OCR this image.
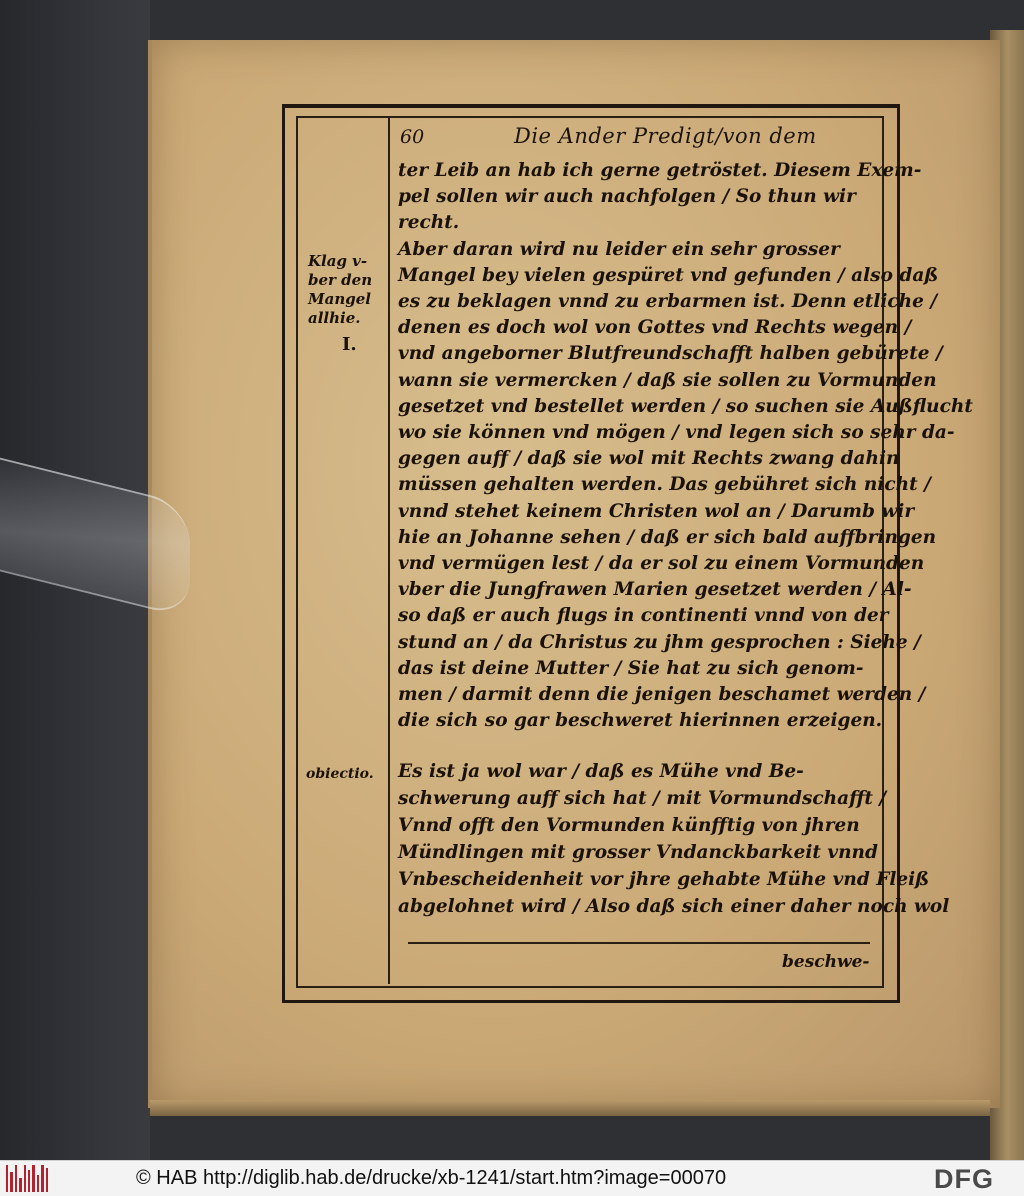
60	Die Ander Predigt/von dem
Klag v-
ber den
Mangel
allhie.
I.
obiectio.
ter Leib an hab ich gerne getröstet. Diesem Exem-
pel sollen wir auch nachfolgen / So thun wir
recht.
Aber daran wird nu leider ein sehr grosser
Mangel bey vielen gespüret vnd gefunden / also daß
es zu beklagen vnnd zu erbarmen ist. Denn etliche /
denen es doch wol von Gottes vnd Rechts wegen /
vnd angeborner Blutfreundschafft halben gebürete /
wann sie vermercken / daß sie sollen zu Vormunden
gesetzet vnd bestellet werden / so suchen sie Außflucht
wo sie können vnd mögen / vnd legen sich so sehr da-
gegen auff / daß sie wol mit Rechts zwang dahin
müssen gehalten werden. Das gebühret sich nicht /
vnnd stehet keinem Christen wol an / Darumb wir
hie an Johanne sehen / daß er sich bald auffbringen
vnd vermügen lest / da er sol zu einem Vormunden
vber die Jungfrawen Marien gesetzet werden / Al-
so daß er auch flugs in continenti vnnd von der
stund an / da Christus zu jhm gesprochen : Siehe /
das ist deine Mutter / Sie hat zu sich genom-
men / darmit denn die jenigen beschamet werden /
die sich so gar beschweret hierinnen erzeigen.
Es ist ja wol war / daß es Mühe vnd Be-
schwerung auff sich hat / mit Vormundschafft /
Vnnd offt den Vormunden künfftig von jhren
Mündlingen mit grosser Vndanckbarkeit vnnd
Vnbescheidenheit vor jhre gehabte Mühe vnd Fleiß
abgelohnet wird / Also daß sich einer daher noch wol
beschwe-
© HAB http://diglib.hab.de/drucke/xb-1241/start.htm?image=00070	DFG
